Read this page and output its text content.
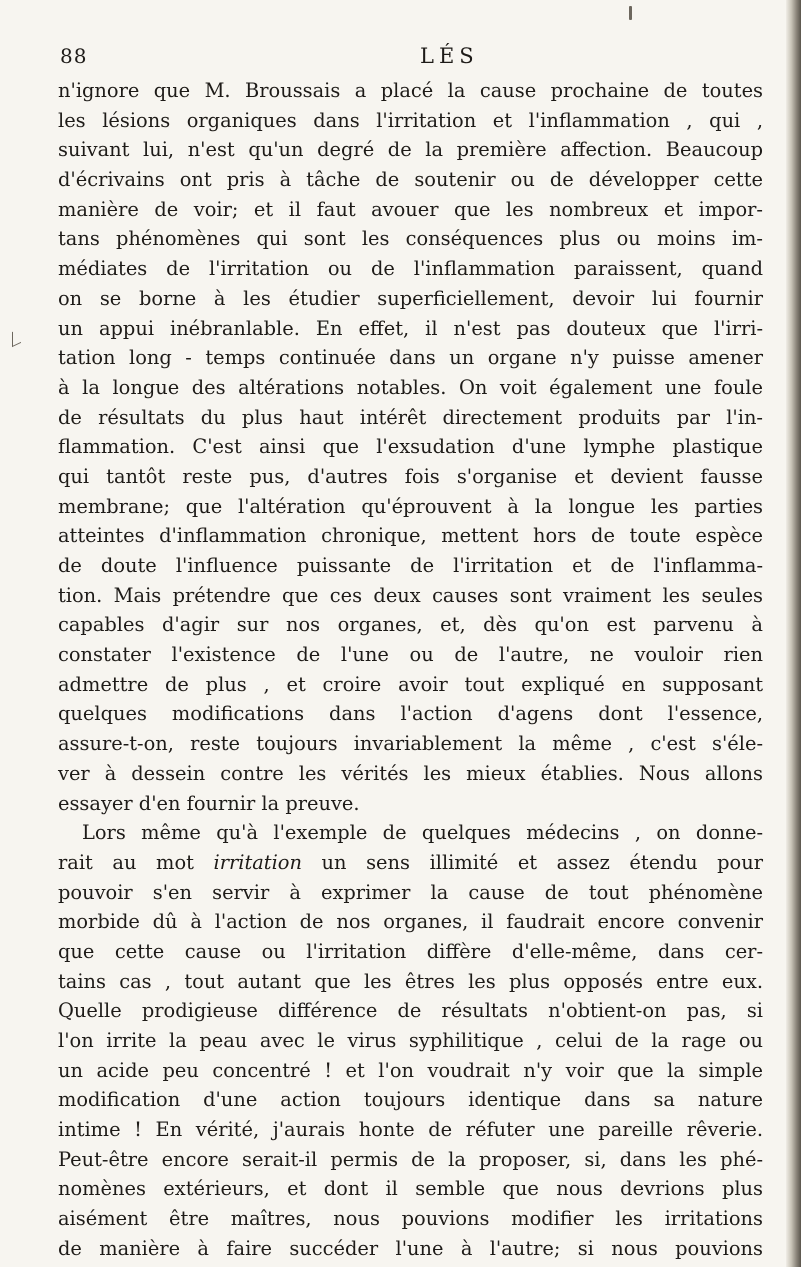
88	LÉS
n'ignore que M. Broussais a placé la cause prochaine de toutes
les lésions organiques dans l'irritation et l'inflammation , qui ,
suivant lui, n'est qu'un degré de la première affection. Beaucoup
d'écrivains ont pris à tâche de soutenir ou de développer cette
manière de voir; et il faut avouer que les nombreux et impor-
tans phénomènes qui sont les conséquences plus ou moins im-
médiates de l'irritation ou de l'inflammation paraissent, quand
on se borne à les étudier superficiellement, devoir lui fournir
un appui inébranlable. En effet, il n'est pas douteux que l'irri-
tation long - temps continuée dans un organe n'y puisse amener
à la longue des altérations notables. On voit également une foule
de résultats du plus haut intérêt directement produits par l'in-
flammation. C'est ainsi que l'exsudation d'une lymphe plastique
qui tantôt reste pus, d'autres fois s'organise et devient fausse
membrane; que l'altération qu'éprouvent à la longue les parties
atteintes d'inflammation chronique, mettent hors de toute espèce
de doute l'influence puissante de l'irritation et de l'inflamma-
tion. Mais prétendre que ces deux causes sont vraiment les seules
capables d'agir sur nos organes, et, dès qu'on est parvenu à
constater l'existence de l'une ou de l'autre, ne vouloir rien
admettre de plus , et croire avoir tout expliqué en supposant
quelques modifications dans l'action d'agens dont l'essence,
assure-t-on, reste toujours invariablement la même , c'est s'éle-
ver à dessein contre les vérités les mieux établies. Nous allons
essayer d'en fournir la preuve.
Lors même qu'à l'exemple de quelques médecins , on donne-
rait au mot irritation un sens illimité et assez étendu pour
pouvoir s'en servir à exprimer la cause de tout phénomène
morbide dû à l'action de nos organes, il faudrait encore convenir
que cette cause ou l'irritation diffère d'elle-même, dans cer-
tains cas , tout autant que les êtres les plus opposés entre eux.
Quelle prodigieuse différence de résultats n'obtient-on pas, si
l'on irrite la peau avec le virus syphilitique , celui de la rage ou
un acide peu concentré ! et l'on voudrait n'y voir que la simple
modification d'une action toujours identique dans sa nature
intime ! En vérité, j'aurais honte de réfuter une pareille rêverie.
Peut-être encore serait-il permis de la proposer, si, dans les phé-
nomènes extérieurs, et dont il semble que nous devrions plus
aisément être maîtres, nous pouvions modifier les irritations
de manière à faire succéder l'une à l'autre; si nous pouvions
